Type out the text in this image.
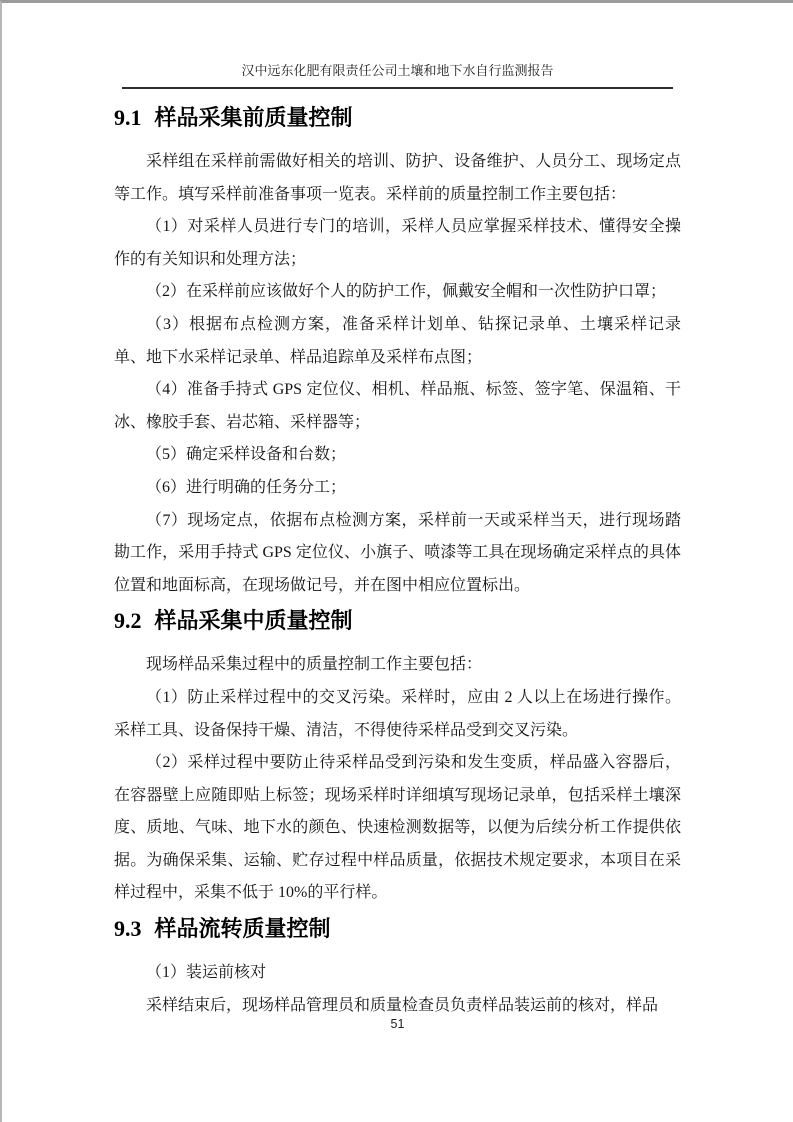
汉中远东化肥有限责任公司土壤和地下水自行监测报告
9.1 样品采集前质量控制

采样组在采样前需做好相关的培训、防护、设备维护、人员分工、现场定点等工作。填写采样前准备事项一览表。采样前的质量控制工作主要包括：

（1）对采样人员进行专门的培训，采样人员应掌握采样技术、懂得安全操作的有关知识和处理方法；

（2）在采样前应该做好个人的防护工作，佩戴安全帽和一次性防护口罩；

（3）根据布点检测方案，准备采样计划单、钻探记录单、土壤采样记录单、地下水采样记录单、样品追踪单及采样布点图；

（4）准备手持式 GPS 定位仪、相机、样品瓶、标签、签字笔、保温箱、干冰、橡胶手套、岩芯箱、采样器等；

（5）确定采样设备和台数；

（6）进行明确的任务分工；

（7）现场定点，依据布点检测方案，采样前一天或采样当天，进行现场踏勘工作，采用手持式 GPS 定位仪、小旗子、喷漆等工具在现场确定采样点的具体位置和地面标高，在现场做记号，并在图中相应位置标出。

9.2 样品采集中质量控制

现场样品采集过程中的质量控制工作主要包括：

（1）防止采样过程中的交叉污染。采样时，应由 2 人以上在场进行操作。采样工具、设备保持干燥、清洁，不得使待采样品受到交叉污染。

（2）采样过程中要防止待采样品受到污染和发生变质，样品盛入容器后，在容器壁上应随即贴上标签；现场采样时详细填写现场记录单，包括采样土壤深度、质地、气味、地下水的颜色、快速检测数据等，以便为后续分析工作提供依据。为确保采集、运输、贮存过程中样品质量，依据技术规定要求，本项目在采样过程中，采集不低于 10%的平行样。

9.3 样品流转质量控制

（1）装运前核对

采样结束后，现场样品管理员和质量检查员负责样品装运前的核对，样品

51
